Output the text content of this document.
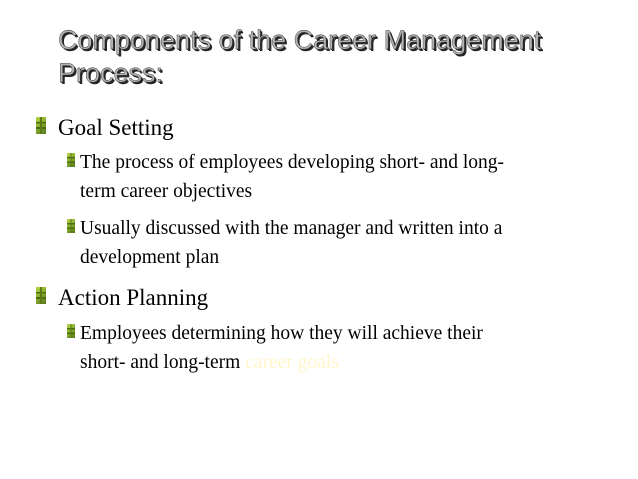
Components of the Career Management
Process:
Goal Setting
The process of employees developing short- and long-
term career objectives
Usually discussed with the manager and written into a
development plan
Action Planning
Employees determining how they will achieve their
short- and long-term career goals
